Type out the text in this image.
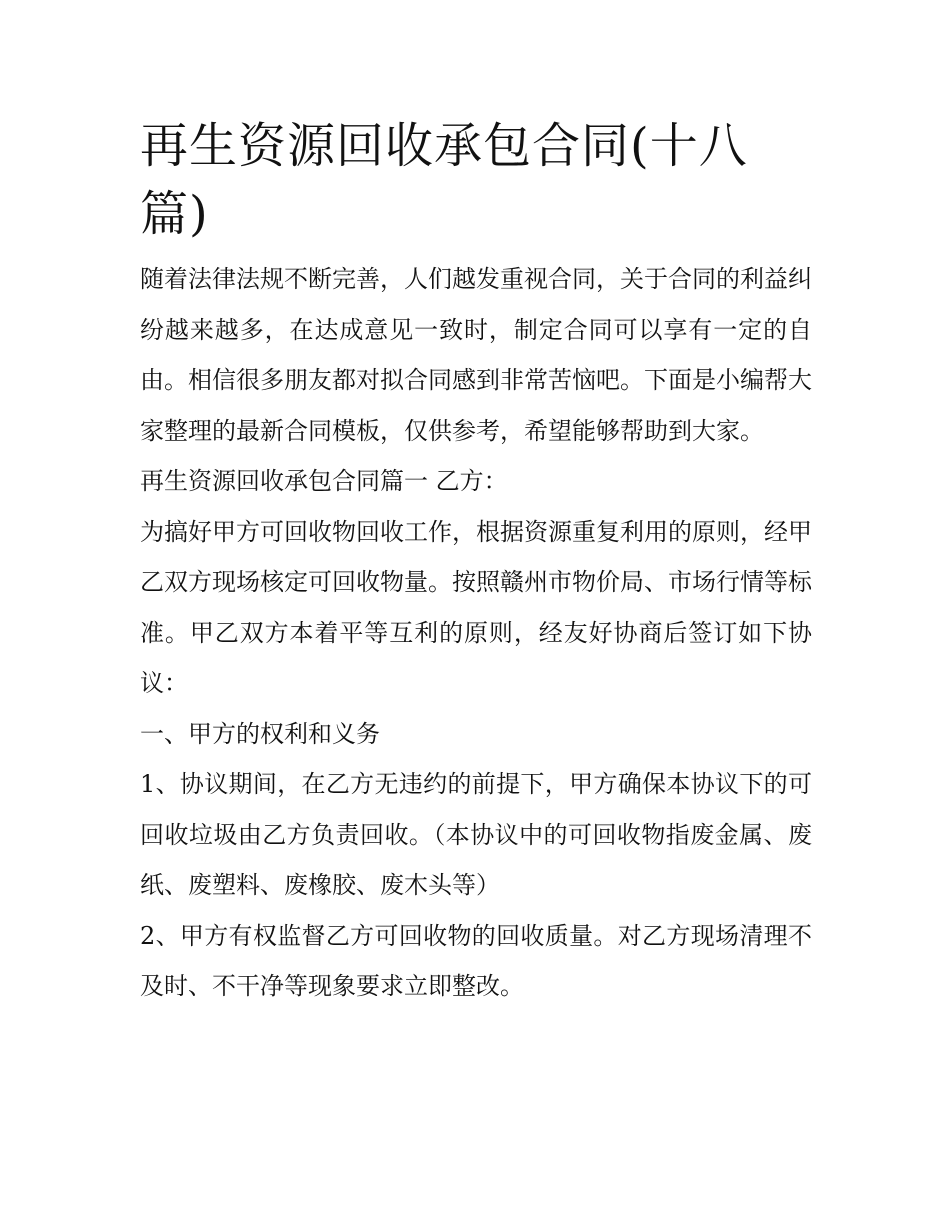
再生资源回收承包合同(十八篇)

随着法律法规不断完善，人们越发重视合同，关于合同的利益纠纷越来越多，在达成意见一致时，制定合同可以享有一定的自由。相信很多朋友都对拟合同感到非常苦恼吧。下面是小编帮大家整理的最新合同模板，仅供参考，希望能够帮助到大家。

再生资源回收承包合同篇一 乙方：

为搞好甲方可回收物回收工作，根据资源重复利用的原则，经甲乙双方现场核定可回收物量。按照赣州市物价局、市场行情等标准。甲乙双方本着平等互利的原则，经友好协商后签订如下协议：

一、甲方的权利和义务

1、协议期间，在乙方无违约的前提下，甲方确保本协议下的可回收垃圾由乙方负责回收。（本协议中的可回收物指废金属、废纸、废塑料、废橡胶、废木头等）

2、甲方有权监督乙方可回收物的回收质量。对乙方现场清理不及时、不干净等现象要求立即整改。
